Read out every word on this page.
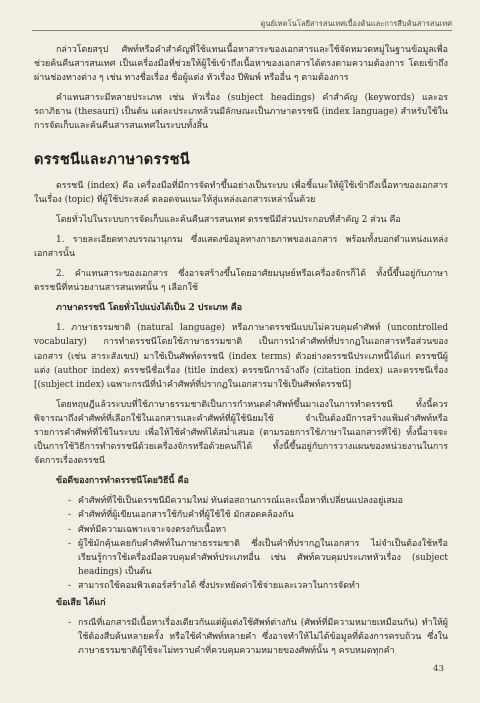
ดูนย์เทคโนโลยีสารสนเทศเบื้องต้นและการสืบค้นสารสนเทศ

กล่าวโดยสรุป ศัพท์หรือคำสำคัญที่ใช้แทนเนื้อหาสาระของเอกสารและใช้จัดหมวดหมู่ในฐานข้อมูลเพื่อช่วยค้นคืนสารสนเทศ เป็นเครื่องมือที่ช่วยให้ผู้ใช้เข้าถึงเนื้อหาของเอกสารได้ตรงตามความต้องการ โดยเข้าถึงผ่านช่องทางต่าง ๆ เช่น ทางชื่อเรื่อง ชื่อผู้แต่ง หัวเรื่อง ปีพิมพ์ หรืออื่น ๆ ตามต้องการ

คำแทนสาระมีหลายประเภท เช่น หัวเรื่อง (subject headings) คำสำคัญ (keywords) และอรรถาภิธาน (thesauri) เป็นต้น แต่ละประเภทล้วนมีลักษณะเป็นภาษาดรรชนี (index language) สำหรับใช้ในการจัดเก็บและค้นคืนสารสนเทศในระบบทั้งสิ้น

ดรรชนีและภาษาดรรชนี

ดรรชนี (index) คือ เครื่องมือที่มีการจัดทำขึ้นอย่างเป็นระบบ เพื่อชี้แนะให้ผู้ใช้เข้าถึงเนื้อหาของเอกสารในเรื่อง (topic) ที่ผู้ใช้ประสงค์ ตลอดจนแนะให้สู่แหล่งเอกสารเหล่านั้นด้วย

โดยทั่วไปในระบบการจัดเก็บและค้นคืนสารสนเทศ ดรรชนีมีส่วนประกอบที่สำคัญ 2 ส่วน คือ

1. รายละเอียดทางบรรณานุกรม ซึ่งแสดงข้อมูลทางกายภาพของเอกสาร พร้อมทั้งบอกตำแหน่งแหล่งเอกสารนั้น

2. คำแทนสาระของเอกสาร ซึ่งอาจสร้างขึ้นโดยอาศัยมนุษย์หรือเครื่องจักรก็ได้ ทั้งนี้ขึ้นอยู่กับภาษาดรรชนีที่หน่วยงานสารสนเทศนั้น ๆ เลือกใช้

ภาษาดรรชนี โดยทั่วไปแบ่งได้เป็น 2 ประเภท คือ

1. ภาษาธรรมชาติ (natural language) หรือภาษาดรรชนีแบบไม่ควบคุมคำศัพท์ (uncontrolled vocabulary) การทำดรรชนีโดยใช้ภาษาธรรมชาติ เป็นการนำคำศัพท์ที่ปรากฏในเอกสารหรือส่วนของเอกสาร (เช่น สาระสังเขป) มาใช้เป็นศัพท์ดรรชนี (index terms) ตัวอย่างดรรชนีประเภทนี้ได้แก่ ดรรชนีผู้แต่ง (author index) ดรรชนีชื่อเรื่อง (title index) ดรรชนีการอ้างถึง (citation index) และดรรชนีเรื่อง [(subject index) เฉพาะกรณีที่นำคำศัพท์ที่ปรากฏในเอกสารมาใช้เป็นศัพท์ดรรชนี]

โดยทฤษฎีแล้วระบบที่ใช้ภาษาธรรมชาติเป็นการกำหนดคำศัพท์ขึ้นมาเองในการทำดรรชนี ทั้งนี้ควรพิจารณาถึงคำศัพท์ที่เลือกใช้ในเอกสารและคำศัพท์ที่ผู้ใช้นิยมใช้ จำเป็นต้องมีการสร้างแฟ้มคำศัพท์หรือรายการคำศัพท์ที่ใช้ในระบบ เพื่อให้ใช้คำศัพท์ได้สม่ำเสมอ (ตามรอยการใช้ภาษาในเอกสารที่ใช้) ทั้งนี้อาจจะเป็นการใช้วิธีการทำดรรชนีด้วยเครื่องจักรหรือด้วยคนก็ได้ ทั้งนี้ขึ้นอยู่กับการวางแผนของหน่วยงานในการจัดการเรื่องดรรชนี

ข้อดีของการทำดรรชนีโดยวิธีนี้ คือ

- คำศัพท์ที่ใช้เป็นดรรชนีมีความใหม่ ทันต่อสถานการณ์และเนื้อหาที่เปลี่ยนแปลงอยู่เสมอ
- คำศัพท์ที่ผู้เขียนเอกสารใช้กับคำที่ผู้ใช้ใช้ มักสอดคล้องกัน
- ศัพท์มีความเฉพาะเจาะจงตรงกับเนื้อหา
- ผู้ใช้มักคุ้นเคยกับคำศัพท์ในภาษาธรรมชาติ ซึ่งเป็นคำที่ปรากฏในเอกสาร ไม่จำเป็นต้องใช้หรือเรียนรู้การใช้เครื่องมือควบคุมคำศัพท์ประเภทอื่น เช่น ศัพท์ควบคุมประเภทหัวเรื่อง (subject headings) เป็นต้น
- สามารถใช้คอมพิวเตอร์สร้างได้ ซึ่งประหยัดค่าใช้จ่ายและเวลาในการจัดทำ

ข้อเสีย ได้แก่

- กรณีที่เอกสารมีเนื้อหาเรื่องเดียวกันแต่ผู้แต่งใช้ศัพท์ต่างกัน (ศัพท์ที่มีความหมายเหมือนกัน) ทำให้ผู้ใช้ต้องสืบค้นหลายครั้ง หรือใช้คำศัพท์หลายคำ ซึ่งอาจทำให้ไม่ได้ข้อมูลที่ต้องการครบถ้วน ซึ่งในภาษาธรรมชาติผู้ใช้จะไม่ทราบคำที่ควบคุมความหมายของศัพท์นั้น ๆ ครบหมดทุกคำ
43
